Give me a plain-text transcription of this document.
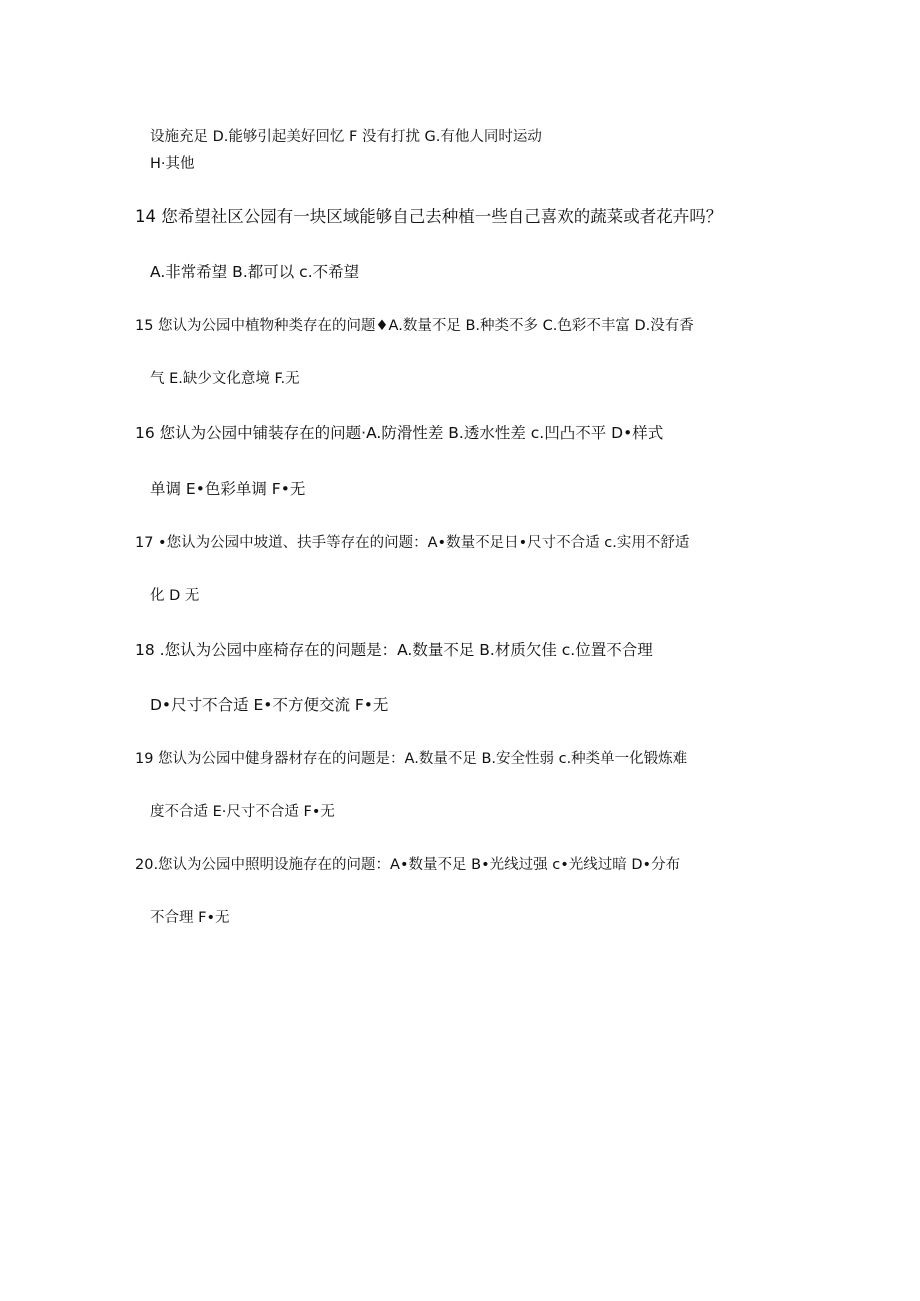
设施充足 D.能够引起美好回忆 F 没有打扰 G.有他人同时运动
H·其他
14 您希望社区公园有一块区域能够自己去种植一些自己喜欢的蔬菜或者花卉吗？
A.非常希望 B.都可以 c.不希望
15 您认为公园中植物种类存在的问题♦A.数量不足 B.种类不多 C.色彩不丰富 D.没有香
气 E.缺少文化意境 F.无
16 您认为公园中铺装存在的问题·A.防滑性差 B.透水性差 c.凹凸不平 D•样式
单调 E•色彩单调 F•无
17 •您认为公园中坡道、扶手等存在的问题：A•数量不足日•尺寸不合适 c.实用不舒适
化 D 无
18 .您认为公园中座椅存在的问题是：A.数量不足 B.材质欠佳 c.位置不合理
D•尺寸不合适 E•不方便交流 F•无
19 您认为公园中健身器材存在的问题是：A.数量不足 B.安全性弱 c.种类单一化锻炼难
度不合适 E·尺寸不合适 F•无
20.您认为公园中照明设施存在的问题：A•数量不足 B•光线过强 c•光线过暗 D•分布
不合理 F•无
